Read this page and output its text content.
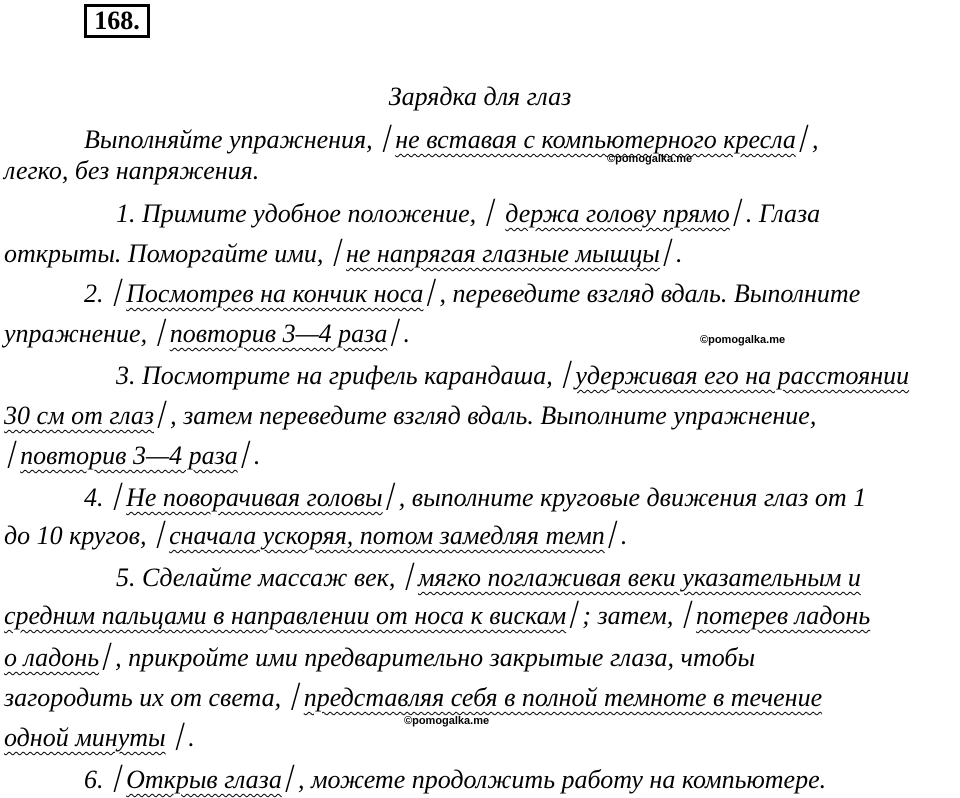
168.
Зарядка для глаз
Выполняйте упражнения, / не вставая с компьютерного кресла / ,
легко, без напряжения.
1. Примите удобное положение, / держа голову прямо / . Глаза
открыты. Поморгайте ими, / не напрягая глазные мышцы / .
2. / Посмотрев на кончик носа / , переведите взгляд вдаль. Выполните
упражнение, / повторив 3—4 раза / .
3. Посмотрите на грифель карандаша, / удерживая его на расстоянии
30 см от глаз / , затем переведите взгляд вдаль. Выполните упражнение,
/ повторив 3—4 раза / .
4. / Не поворачивая головы / , выполните круговые движения глаз от 1
до 10 кругов, / сначала ускоряя, потом замедляя темп / .
5. Сделайте массаж век, / мягко поглаживая веки указательным и
средним пальцами в направлении от носа к вискам / ; затем, / потерев ладонь
о ладонь / , прикройте ими предварительно закрытые глаза, чтобы
загородить их от света, / представляя себя в полной темноте в течение
одной минуты / .
6. / Открыв глаза / , можете продолжить работу на компьютере.
©pomogalka.me
©pomogalka.me
©pomogalka.me
